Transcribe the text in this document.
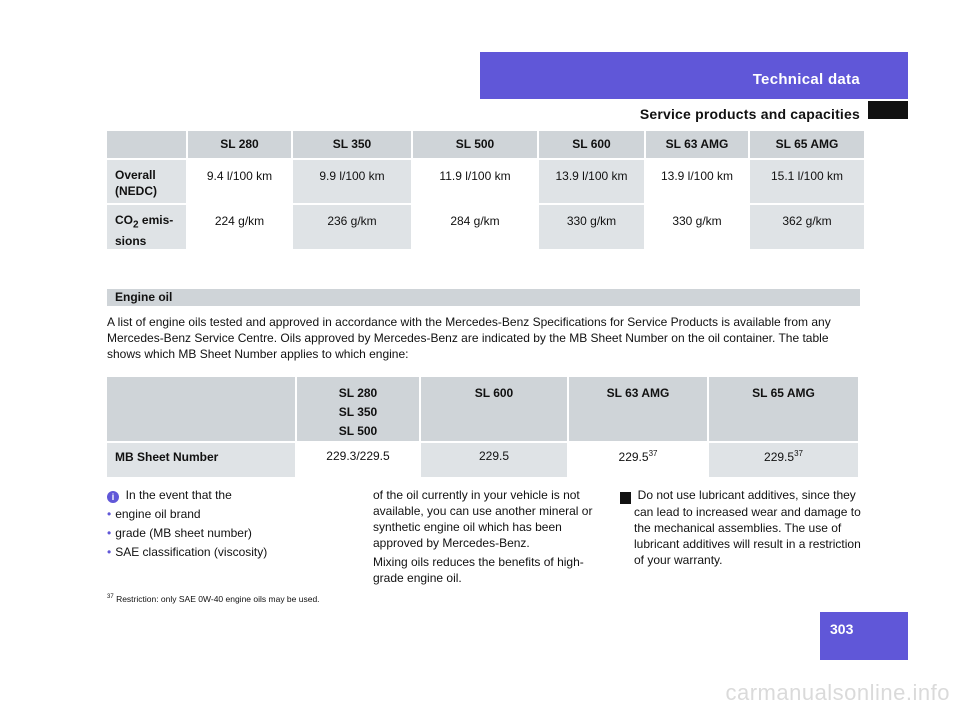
Technical data
Service products and capacities
	SL 280	SL 350	SL 500	SL 600	SL 63 AMG	SL 65 AMG
Overall
(NEDC)	9.4 l/100 km	9.9 l/100 km	11.9 l/100 km	13.9 l/100 km	13.9 l/100 km	15.1 l/100 km
$CO_2$ emis-
sions	224 g/km	236 g/km	284 g/km	330 g/km	330 g/km	362 g/km
Engine oil
A list of engine oils tested and approved in accordance with the Mercedes-Benz Specifications for Service Products is available from any Mercedes-Benz Service Centre. Oils approved by Mercedes-Benz are indicated by the MB Sheet Number on the oil container. The table shows which MB Sheet Number applies to which engine:
	SL 280
SL 350
SL 500	SL 600	SL 63 AMG	SL 65 AMG
MB Sheet Number	229.3/229.5	229.5	229.5$^{37}$	229.5$^{37}$

i In the event that the

• engine oil brand

• grade (MB sheet number)

• SAE classification (viscosity)

of the oil currently in your vehicle is not available, you can use another mineral or synthetic engine oil which has been approved by Mercedes-Benz.

Mixing oils reduces the benefits of high-grade engine oil.

! Do not use lubricant additives, since they can lead to increased wear and damage to the mechanical assemblies. The use of lubricant additives will result in a restriction of your warranty.

$^{37}$ Restriction: only SAE 0W-40 engine oils may be used.
303
carmanualsonline.info
